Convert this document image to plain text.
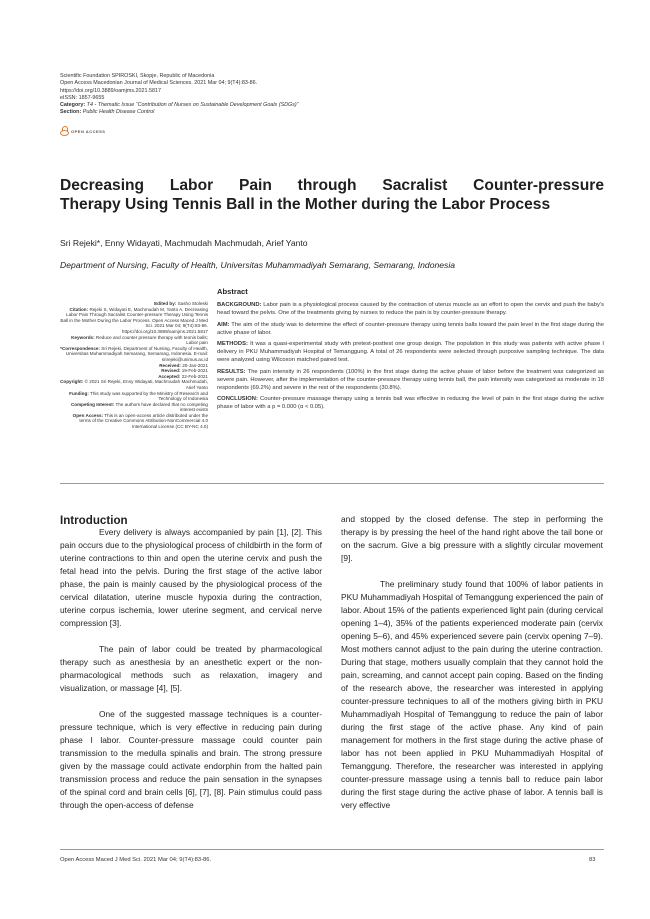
Scientific Foundation SPIROSKI, Skopje, Republic of Macedonia
Open Access Macedonian Journal of Medical Sciences. 2021 Mar 04; 9(T4):83-86.
https://doi.org/10.3889/oamjms.2021.5817
eISSN: 1857-9655
Category: T4 - Thematic Issue “Contribution of Nurses on Sustainable Development Goals (SDGs)”
Section: Public Health Disease Control
OPEN ACCESS
Decreasing Labor Pain through Sacralist Counter-pressure
Therapy Using Tennis Ball in the Mother during the Labor Process
Sri Rejeki*, Enny Widayati, Machmudah Machmudah, Arief Yanto
Department of Nursing, Faculty of Health, Universitas Muhammadiyah Semarang, Semarang, Indonesia
Edited by: Sasho Stoleski
Citation: Rejeki S, Widayati E, Machmudah M, Yanto A. Decreasing Labor Pain Through Sacralist Counter-pressure Therapy Using Tennis Ball in the Mother During the Labor Process. Open Access Maced J Med Sci. 2021 Mar 04; 9(T4):83-86. https://doi.org/10.3889/oamjms.2021.5817
Keywords: Reduce and counter pressure therapy with tennis balls; Labor pain
*Correspondence: Sri Rejeki, Department of Nursing, Faculty of Health, Universitas Muhammadiyah Semarang, Semarang, Indonesia. E-mail: srirejeki@unimus.ac.id
Received: 20-Jan-2021
Revised: 19-Feb-2021
Accepted: 22-Feb-2021
Copyright: © 2021 Sri Rejeki, Enny Widayati, Machmudah Machmudah, Arief Yanto
Funding: This study was supported by the Ministry of Research and Technology of Indonesia
Competing Interest: The authors have declared that no competing interest exists
Open Access: This is an open-access article distributed under the terms of the Creative Commons Attribution-NonCommercial 4.0 International License (CC BY-NC 4.0)
Abstract

BACKGROUND: Labor pain is a physiological process caused by the contraction of uterus muscle as an effort to open the cervix and push the baby’s head toward the pelvis. One of the treatments giving by nurses to reduce the pain is by counter-pressure therapy.

AIM: The aim of the study was to determine the effect of counter-pressure therapy using tennis balls toward the pain level in the first stage during the active phase of labor.

METHODS: It was a quasi-experimental study with pretest-posttest one group design. The population in this study was patients with active phase I delivery in PKU Muhammadiyah Hospital of Temanggung. A total of 26 respondents were selected through purposive sampling technique. The data were analyzed using Wilcoxon matched paired test.

RESULTS: The pain intensity in 26 respondents (100%) in the first stage during the active phase of labor before the treatment was categorized as severe pain. However, after the implementation of the counter-pressure therapy using tennis ball, the pain intensity was categorized as moderate in 18 respondents (69.2%) and severe in the rest of the respondents (30.8%).

CONCLUSION: Counter-pressure massage therapy using a tennis ball was effective in reducing the level of pain in the first stage during the active phase of labor with a p = 0.000 (α < 0.05).

Introduction

Every delivery is always accompanied by pain [1], [2]. This pain occurs due to the physiological process of childbirth in the form of uterine contractions to thin and open the uterine cervix and push the fetal head into the pelvis. During the first stage of the active labor phase, the pain is mainly caused by the physiological process of the cervical dilatation, uterine muscle hypoxia during the contraction, uterine corpus ischemia, lower uterine segment, and cervical nerve compression [3].

The pain of labor could be treated by pharmacological therapy such as anesthesia by an anesthetic expert or the non-pharmacological methods such as relaxation, imagery and visualization, or massage [4], [5].

One of the suggested massage techniques is a counter-pressure technique, which is very effective in reducing pain during phase I labor. Counter-pressure massage could counter pain transmission to the medulla spinalis and brain. The strong pressure given by the massage could activate endorphin from the halted pain transmission process and reduce the pain sensation in the synapses of the spinal cord and brain cells [6], [7], [8]. Pain stimulus could pass through the open-access of defense

and stopped by the closed defense. The step in performing the therapy is by pressing the heel of the hand right above the tail bone or on the sacrum. Give a big pressure with a slightly circular movement [9].

The preliminary study found that 100% of labor patients in PKU Muhammadiyah Hospital of Temanggung experienced the pain of labor. About 15% of the patients experienced light pain (during cervical opening 1–4), 35% of the patients experienced moderate pain (cervix opening 5–6), and 45% experienced severe pain (cervix opening 7–9). Most mothers cannot adjust to the pain during the uterine contraction. During that stage, mothers usually complain that they cannot hold the pain, screaming, and cannot accept pain coping. Based on the finding of the research above, the researcher was interested in applying counter-pressure techniques to all of the mothers giving birth in PKU Muhammadiyah Hospital of Temanggung to reduce the pain of labor during the first stage of the active phase. Any kind of pain management for mothers in the first stage during the active phase of labor has not been applied in PKU Muhammadiyah Hospital of Temanggung. Therefore, the researcher was interested in applying counter-pressure massage using a tennis ball to reduce pain labor during the first stage during the active phase of labor. A tennis ball is very effective

Open Access Maced J Med Sci. 2021 Mar 04; 9(T4):83-86.	83
